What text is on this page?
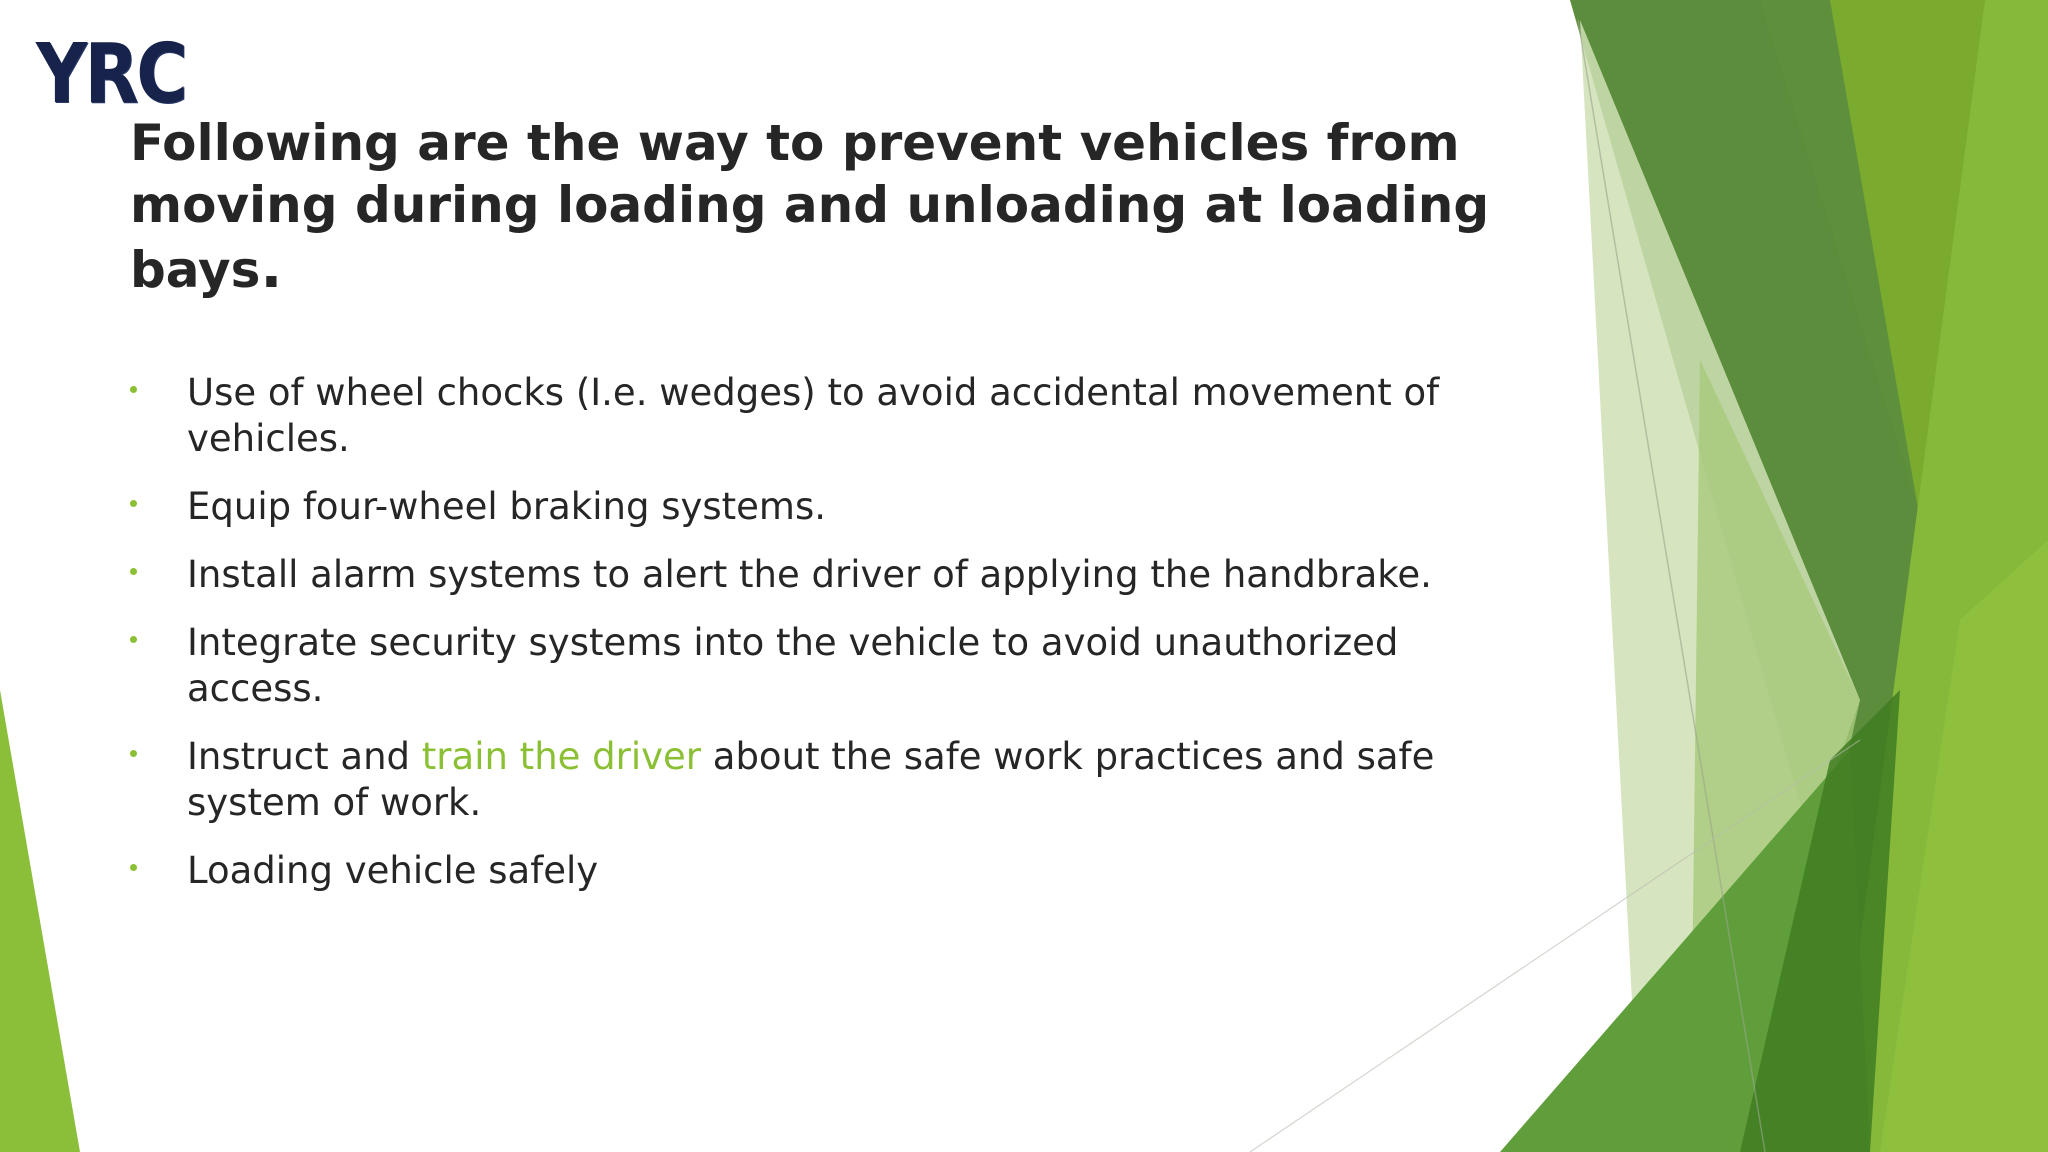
YRC
Following are the way to prevent vehicles from moving during loading and unloading at loading bays.
Use of wheel chocks (I.e. wedges) to avoid accidental movement of vehicles.
Equip four-wheel braking systems.
Install alarm systems to alert the driver of applying the handbrake.
Integrate security systems into the vehicle to avoid unauthorized access.
Instruct and train the driver about the safe work practices and safe system of work.
Loading vehicle safely
